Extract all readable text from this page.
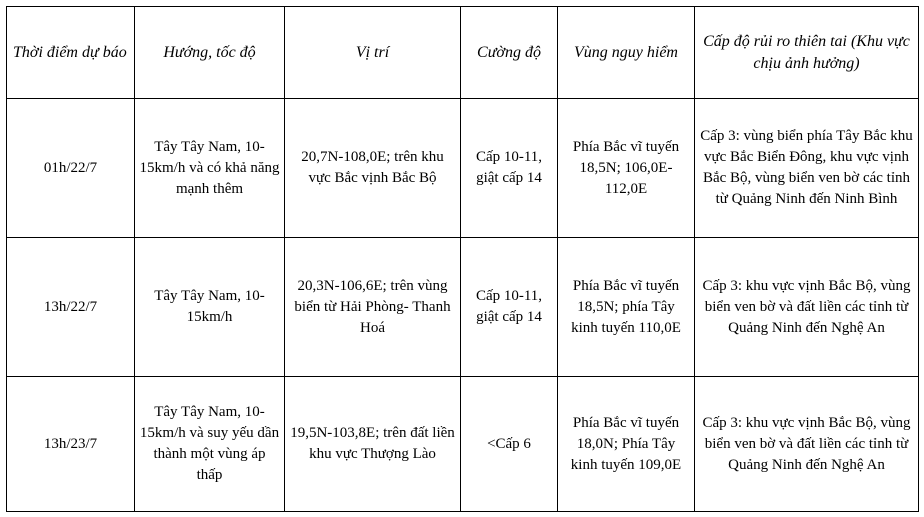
Thời điểm dự báo	Hướng, tốc độ	Vị trí	Cường độ	Vùng nguy hiểm	Cấp độ rủi ro thiên tai (Khu vực chịu ảnh hưởng)
01h/22/7	Tây Tây Nam, 10-15km/h và có khả năng mạnh thêm	20,7N-108,0E; trên khu vực Bắc vịnh Bắc Bộ	Cấp 10-11, giật cấp 14	Phía Bắc vĩ tuyến 18,5N; 106,0E-112,0E	Cấp 3: vùng biển phía Tây Bắc khu vực Bắc Biển Đông, khu vực vịnh Bắc Bộ, vùng biển ven bờ các tỉnh từ Quảng Ninh đến Ninh Bình
13h/22/7	Tây Tây Nam, 10-15km/h	20,3N-106,6E; trên vùng biển từ Hải Phòng- Thanh Hoá	Cấp 10-11, giật cấp 14	Phía Bắc vĩ tuyến 18,5N; phía Tây kinh tuyến 110,0E	Cấp 3: khu vực vịnh Bắc Bộ, vùng biển ven bờ và đất liền các tỉnh từ Quảng Ninh đến Nghệ An
13h/23/7	Tây Tây Nam, 10-15km/h và suy yếu dần thành một vùng áp thấp	19,5N-103,8E; trên đất liền khu vực Thượng Lào	<Cấp 6	Phía Bắc vĩ tuyến 18,0N; Phía Tây kinh tuyến 109,0E	Cấp 3: khu vực vịnh Bắc Bộ, vùng biển ven bờ và đất liền các tỉnh từ Quảng Ninh đến Nghệ An
